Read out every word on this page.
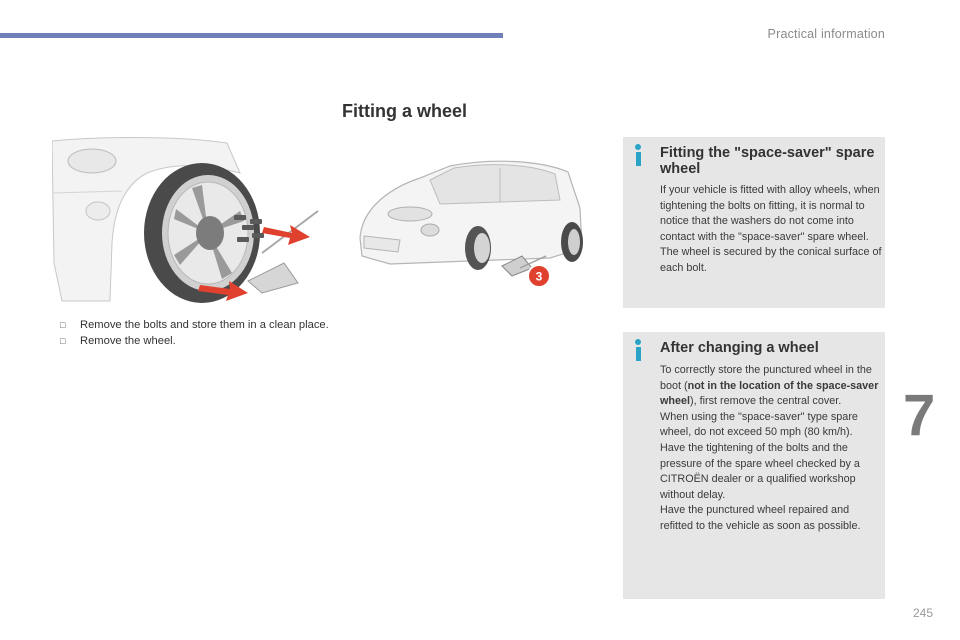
Practical information
Fitting a wheel
3
□ Remove the bolts and store them in a clean place.
□ Remove the wheel.
Fitting the "space-saver" spare wheel

If your vehicle is fitted with alloy wheels, when tightening the bolts on fitting, it is normal to notice that the washers do not come into contact with the "space-saver" spare wheel. The wheel is secured by the conical surface of each bolt.

After changing a wheel

To correctly store the punctured wheel in the boot (not in the location of the space-saver wheel), first remove the central cover.

When using the "space-saver" type spare wheel, do not exceed 50 mph (80 km/h).

Have the tightening of the bolts and the pressure of the spare wheel checked by a CITROËN dealer or a qualified workshop without delay.

Have the punctured wheel repaired and refitted to the vehicle as soon as possible.

7
245
